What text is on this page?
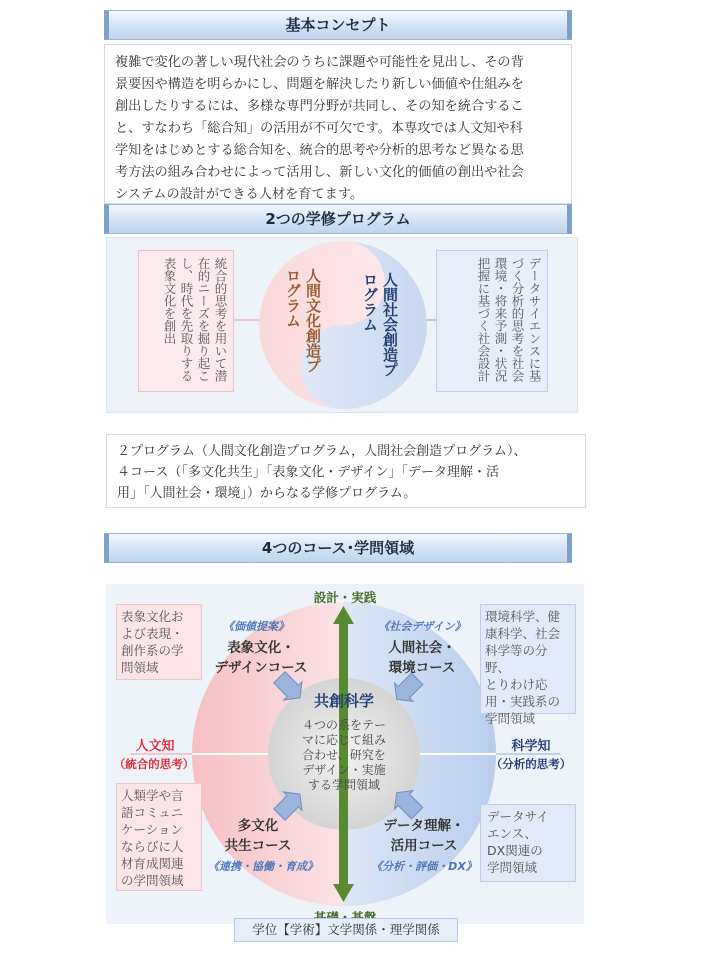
基本コンセプト
複雑で変化の著しい現代社会のうちに課題や可能性を見出し、その背
景要因や構造を明らかにし、問題を解決したり新しい価値や仕組みを
創出したりするには、多様な専門分野が共同し、その知を統合するこ
と、すなわち「総合知」の活用が不可欠です。本専攻では人文知や科
学知をはじめとする総合知を、統合的思考や分析的思考など異なる思
考方法の組み合わせによって活用し、新しい文化的価値の創出や社会
システムの設計ができる人材を育てます。
2つの学修プログラム
統合的思考を用いて潜在的ニーズを掘り起こし、時代を先取りする表象文化を創出	人間文化創造プログラム	人間社会創造プログラム	データサイエンスに基づく分析的思考を社会環境・将来予測・状況把握に基づく社会設計
２プログラム（人間文化創造プログラム，人間社会創造プログラム）、
４コース（「多文化共生」「表象文化・デザイン」「データ理解・活
用」「人間社会・環境」）からなる学修プログラム。
4つのコース･学問領域
表象文化お
よび表現・
創作系の学
問領域
人類学や言
語コミュニ
ケーション
ならびに人
材育成関連
の学問領域
環境科学、健
康科学、社会
科学等の分野、
とりわけ応
用・実践系の
学問領域
データサイ
エンス、
DX関連の
学問領域
設計・実践
人文知
（統合的思考）
科学知
（分析的思考）
《価値提案》
表象文化・
デザインコース
《社会デザイン》
人間社会・
環境コース
多文化
共生コース
《連携・協働・育成》
データ理解・
活用コース
《分析・評価・DX》
共創科学
４つの系をテー
マに応じて組み
合わせ、研究を
デザイン・実施
する学問領域
学位【学術】文学関係・理学関係
